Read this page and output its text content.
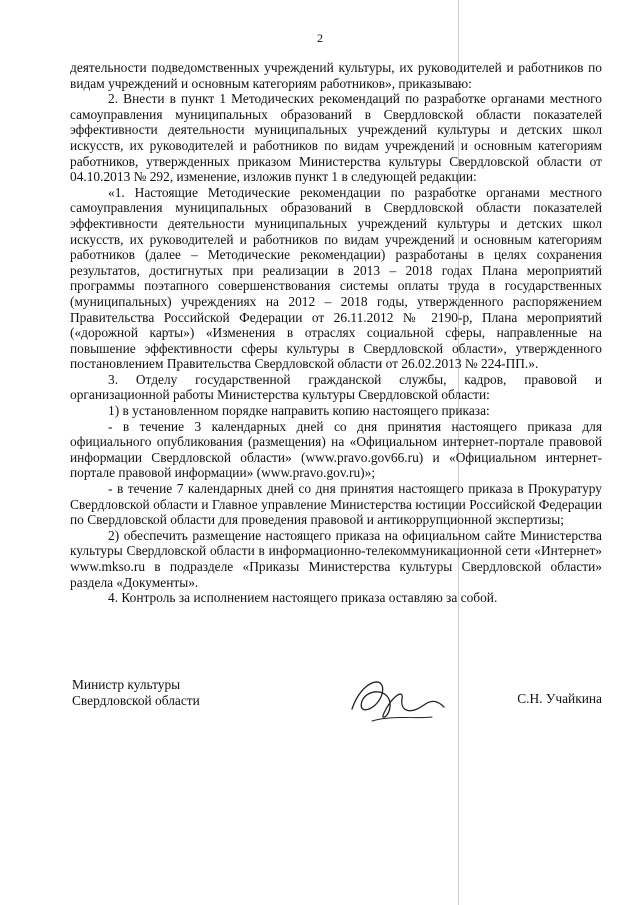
2

деятельности подведомственных учреждений культуры, их руководителей и работников по видам учреждений и основным категориям работников», приказываю:

2. Внести в пункт 1 Методических рекомендаций по разработке органами местного самоуправления муниципальных образований в Свердловской области показателей эффективности деятельности муниципальных учреждений культуры и детских школ искусств, их руководителей и работников по видам учреждений и основным категориям работников, утвержденных приказом Министерства культуры Свердловской области от 04.10.2013 № 292, изменение, изложив пункт 1 в следующей редакции:

«1. Настоящие Методические рекомендации по разработке органами местного самоуправления муниципальных образований в Свердловской области показателей эффективности деятельности муниципальных учреждений культуры и детских школ искусств, их руководителей и работников по видам учреждений и основным категориям работников (далее – Методические рекомендации) разработаны в целях сохранения результатов, достигнутых при реализации в 2013 – 2018 годах Плана мероприятий программы поэтапного совершенствования системы оплаты труда в государственных (муниципальных) учреждениях на 2012 – 2018 годы, утвержденного распоряжением Правительства Российской Федерации от 26.11.2012 № 2190-р, Плана мероприятий («дорожной карты») «Изменения в отраслях социальной сферы, направленные на повышение эффективности сферы культуры в Свердловской области», утвержденного постановлением Правительства Свердловской области от 26.02.2013 № 224-ПП.».

3. Отделу государственной гражданской службы, кадров, правовой и организационной работы Министерства культуры Свердловской области:

1) в установленном порядке направить копию настоящего приказа:

- в течение 3 календарных дней со дня принятия настоящего приказа для официального опубликования (размещения) на «Официальном интернет-портале правовой информации Свердловской области» (www.pravo.gov66.ru) и «Официальном интернет-портале правовой информации» (www.pravo.gov.ru)»;

- в течение 7 календарных дней со дня принятия настоящего приказа в Прокуратуру Свердловской области и Главное управление Министерства юстиции Российской Федерации по Свердловской области для проведения правовой и антикоррупционной экспертизы;

2) обеспечить размещение настоящего приказа на официальном сайте Министерства культуры Свердловской области в информационно-телекоммуникационной сети «Интернет» www.mkso.ru в подразделе «Приказы Министерства культуры Свердловской области» раздела «Документы».

4. Контроль за исполнением настоящего приказа оставляю за собой.

Министр культуры
Свердловской области	С.Н. Учайкина
